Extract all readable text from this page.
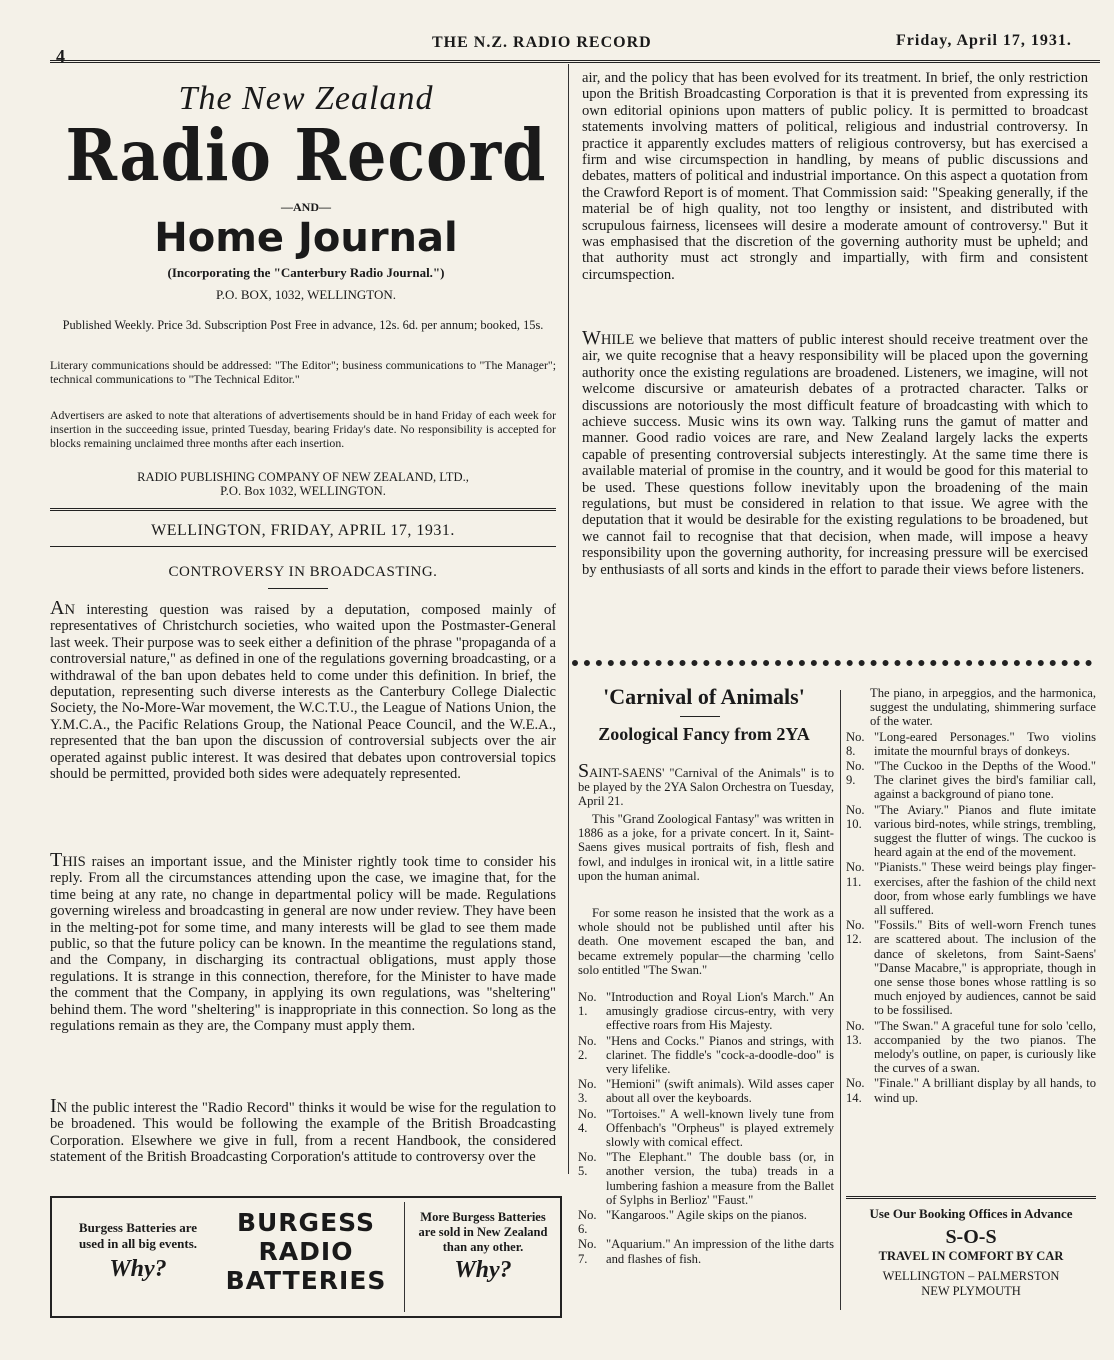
4
THE N.Z. RADIO RECORD	Friday, April 17, 1931.
The New Zealand
Radio Record
—AND—
Home Journal
(Incorporating the "Canterbury Radio Journal.")
P.O. BOX, 1032, WELLINGTON.

Published Weekly. Price 3d. Subscription Post Free in advance, 12s. 6d. per annum; booked, 15s.

Literary communications should be addressed: "The Editor"; business communications to "The Manager"; technical communications to "The Technical Editor."

Advertisers are asked to note that alterations of advertisements should be in hand Friday of each week for insertion in the succeeding issue, printed Tuesday, bearing Friday's date. No responsibility is accepted for blocks remaining unclaimed three months after each insertion.

RADIO PUBLISHING COMPANY OF NEW ZEALAND, LTD.,
P.O. Box 1032, WELLINGTON.
WELLINGTON, FRIDAY, APRIL 17, 1931.
CONTROVERSY IN BROADCASTING.

AN interesting question was raised by a deputation, composed mainly of representatives of Christchurch societies, who waited upon the Postmaster-General last week. Their purpose was to seek either a definition of the phrase "propaganda of a controversial nature," as defined in one of the regulations governing broadcasting, or a withdrawal of the ban upon debates held to come under this definition. In brief, the deputation, representing such diverse interests as the Canterbury College Dialectic Society, the No-More-War movement, the W.C.T.U., the League of Nations Union, the Y.M.C.A., the Pacific Relations Group, the National Peace Council, and the W.E.A., represented that the ban upon the discussion of controversial subjects over the air operated against public interest. It was desired that debates upon controversial topics should be permitted, provided both sides were adequately represented.

THIS raises an important issue, and the Minister rightly took time to consider his reply. From all the circumstances attending upon the case, we imagine that, for the time being at any rate, no change in departmental policy will be made. Regulations governing wireless and broadcasting in general are now under review. They have been in the melting-pot for some time, and many interests will be glad to see them made public, so that the future policy can be known. In the meantime the regulations stand, and the Company, in discharging its contractual obligations, must apply those regulations. It is strange in this connection, therefore, for the Minister to have made the comment that the Company, in applying its own regulations, was "sheltering" behind them. The word "sheltering" is inappropriate in this connection. So long as the regulations remain as they are, the Company must apply them.

IN the public interest the "Radio Record" thinks it would be wise for the regulation to be broadened. This would be following the example of the British Broadcasting Corporation. Elsewhere we give in full, from a recent Handbook, the considered statement of the British Broadcasting Corporation's attitude to controversy over the

air, and the policy that has been evolved for its treatment. In brief, the only restriction upon the British Broadcasting Corporation is that it is prevented from expressing its own editorial opinions upon matters of public policy. It is permitted to broadcast statements involving matters of political, religious and industrial controversy. In practice it apparently excludes matters of religious controversy, but has exercised a firm and wise circumspection in handling, by means of public discussions and debates, matters of political and industrial importance. On this aspect a quotation from the Crawford Report is of moment. That Commission said: "Speaking generally, if the material be of high quality, not too lengthy or insistent, and distributed with scrupulous fairness, licensees will desire a moderate amount of controversy." But it was emphasised that the discretion of the governing authority must be upheld; and that authority must act strongly and impartially, with firm and consistent circumspection.

WHILE we believe that matters of public interest should receive treatment over the air, we quite recognise that a heavy responsibility will be placed upon the governing authority once the existing regulations are broadened. Listeners, we imagine, will not welcome discursive or amateurish debates of a protracted character. Talks or discussions are notoriously the most difficult feature of broadcasting with which to achieve success. Music wins its own way. Talking runs the gamut of matter and manner. Good radio voices are rare, and New Zealand largely lacks the experts capable of presenting controversial subjects interestingly. At the same time there is available material of promise in the country, and it would be good for this material to be used. These questions follow inevitably upon the broadening of the main regulations, but must be considered in relation to that issue. We agree with the deputation that it would be desirable for the existing regulations to be broadened, but we cannot fail to recognise that that decision, when made, will impose a heavy responsibility upon the governing authority, for increasing pressure will be exercised by enthusiasts of all sorts and kinds in the effort to parade their views before listeners.

'Carnival of Animals'
Zoological Fancy from 2YA

SAINT-SAENS' "Carnival of the Animals" is to be played by the 2YA Salon Orchestra on Tuesday, April 21.

This "Grand Zoological Fantasy" was written in 1886 as a joke, for a private concert. In it, Saint-Saens gives musical portraits of fish, flesh and fowl, and indulges in ironical wit, in a little satire upon the human animal.

For some reason he insisted that the work as a whole should not be published until after his death. One movement escaped the ban, and became extremely popular—the charming 'cello solo entitled "The Swan."

No. 1.
"Introduction and Royal Lion's March." An amusingly gradiose circus-entry, with very effective roars from His Majesty.
No. 2.
"Hens and Cocks." Pianos and strings, with clarinet. The fiddle's "cock-a-doodle-doo" is very lifelike.
No. 3.
"Hemioni" (swift animals). Wild asses caper about all over the keyboards.
No. 4.
"Tortoises." A well-known lively tune from Offenbach's "Orpheus" is played extremely slowly with comical effect.
No. 5.
"The Elephant." The double bass (or, in another version, the tuba) treads in a lumbering fashion a measure from the Ballet of Sylphs in Berlioz' "Faust."
No. 6.
"Kangaroos." Agile skips on the pianos.
No. 7.
"Aquarium." An impression of the lithe darts and flashes of fish.

The piano, in arpeggios, and the harmonica, suggest the undulating, shimmering surface of the water.

No. 8.
"Long-eared Personages." Two violins imitate the mournful brays of donkeys.
No. 9.
"The Cuckoo in the Depths of the Wood." The clarinet gives the bird's familiar call, against a background of piano tone.
No. 10.
"The Aviary." Pianos and flute imitate various bird-notes, while strings, trembling, suggest the flutter of wings. The cuckoo is heard again at the end of the movement.
No. 11.
"Pianists." These weird beings play finger-exercises, after the fashion of the child next door, from whose early fumblings we have all suffered.
No. 12.
"Fossils." Bits of well-worn French tunes are scattered about. The inclusion of the dance of skeletons, from Saint-Saens' "Danse Macabre," is appropriate, though in one sense those bones whose rattling is so much enjoyed by audiences, cannot be said to be fossilised.
No. 13.
"The Swan." A graceful tune for solo 'cello, accompanied by the two pianos. The melody's outline, on paper, is curiously like the curves of a swan.
No. 14.
"Finale." A brilliant display by all hands, to wind up.
Use Our Booking Offices in Advance
S-O-S
TRAVEL IN COMFORT BY CAR
WELLINGTON – PALMERSTON
NEW PLYMOUTH
Burgess Batteries are used in all big events.
Why?
BURGESS
RADIO
BATTERIES
More Burgess Batteries are sold in New Zealand than any other.
Why?
